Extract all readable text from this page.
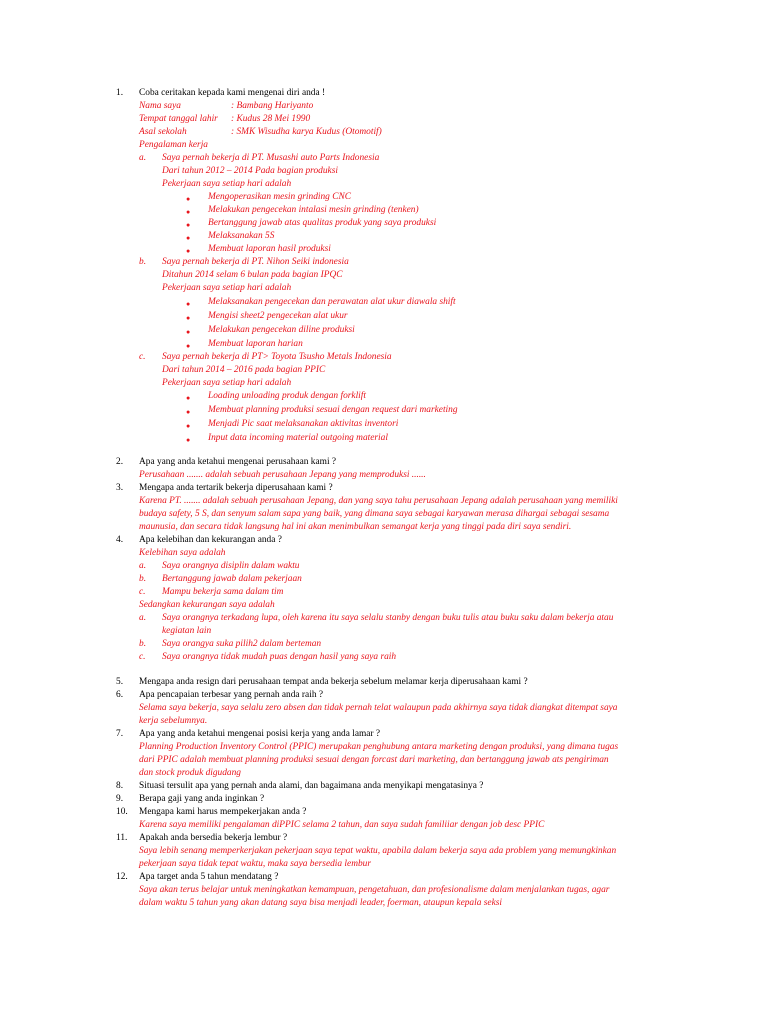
1. Coba ceritakan kepada kami mengenai diri anda !
Nama saya	: Bambang Hariyanto
Tempat tanggal lahir : Kudus 28 Mei 1990
Asal sekolah	: SMK Wisudha karya Kudus (Otomotif)
Pengalaman kerja
a. Saya pernah bekerja di PT. Musashi auto Parts Indonesia
Dari tahun 2012 – 2014 Pada bagian produksi
Pekerjaan saya setiap hari adalah
● Mengoperasikan mesin grinding CNC
● Melakukan pengecekan intalasi mesin grinding (tenken)
● Bertanggung jawab atas qualitas produk yang saya produksi
● Melaksanakan 5S
● Membuat laporan hasil produksi
b. Saya pernah bekerja di PT. Nihon Seiki indonesia
Ditahun 2014 selam 6 bulan pada bagian IPQC
Pekerjaan saya setiap hari adalah
● Melaksanakan pengecekan dan perawatan alat ukur diawala shift
● Mengisi sheet2 pengecekan alat ukur
● Melakukan pengecekan diline produksi
● Membuat laporan harian
c. Saya pernah bekerja di PT> Toyota Tsusho Metals Indonesia
Dari tahun 2014 – 2016 pada bagian PPIC
Pekerjaan saya setiap hari adalah
● Loading unloading produk dengan forklift
● Membuat planning produksi sesuai dengan request dari marketing
● Menjadi Pic saat melaksanakan aktivitas inventori
● Input data incoming material outgoing material
2. Apa yang anda ketahui mengenai perusahaan kami ?
Perusahaan ....... adalah sebuah perusahaan Jepang yang memproduksi ......
3. Mengapa anda tertarik bekerja diperusahaan kami ?
Karena PT. ....... adalah sebuah perusahaan Jepang, dan yang saya tahu perusahaan Jepang adalah perusahaan yang memiliki
budaya safety, 5 S, dan senyum salam sapa yang baik, yang dimana saya sebagai karyawan merasa dihargai sebagai sesama
maunusia, dan secara tidak langsung hal ini akan menimbulkan semangat kerja yang tinggi pada diri saya sendiri.
4. Apa kelebihan dan kekurangan anda ?
Kelebihan saya adalah
a. Saya orangnya disiplin dalam waktu
b. Bertanggung jawab dalam pekerjaan
c. Mampu bekerja sama dalam tim
Sedangkan kekurangan saya adalah
a. Saya orangnya terkadang lupa, oleh karena itu saya selalu stanby dengan buku tulis atau buku saku dalam bekerja atau
kegiatan lain
b. Saya orangya suka pilih2 dalam berteman
c. Saya orangnya tidak mudah puas dengan hasil yang saya raih
5. Mengapa anda resign dari perusahaan tempat anda bekerja sebelum melamar kerja diperusahaan kami ?
6. Apa pencapaian terbesar yang pernah anda raih ?
Selama saya bekerja, saya selalu zero absen dan tidak pernah telat walaupun pada akhirnya saya tidak diangkat ditempat saya
kerja sebelumnya.
7. Apa yang anda ketahui mengenai posisi kerja yang anda lamar ?
Planning Production Inventory Control (PPIC) merupakan penghubung antara marketing dengan produksi, yang dimana tugas
dari PPIC adalah membuat planning produksi sesuai dengan forcast dari marketing, dan bertanggung jawab ats pengiriman
dan stock produk digudang
8. Situasi tersulit apa yang pernah anda alami, dan bagaimana anda menyikapi mengatasinya ?
9. Berapa gaji yang anda inginkan ?
10. Mengapa kami harus mempekerjakan anda ?
Karena saya memiliki pengalaman diPPIC selama 2 tahun, dan saya sudah familiiar dengan job desc PPIC
11. Apakah anda bersedia bekerja lembur ?
Saya lebih senang memperkerjakan pekerjaan saya tepat waktu, apabila dalam bekerja saya ada problem yang memungkinkan
pekerjaan saya tidak tepat waktu, maka saya bersedia lembur
12. Apa target anda 5 tahun mendatang ?
Saya akan terus belajar untuk meningkatkan kemampuan, pengetahuan, dan profesionalisme dalam menjalankan tugas, agar
dalam waktu 5 tahun yang akan datang saya bisa menjadi leader, foerman, ataupun kepala seksi
